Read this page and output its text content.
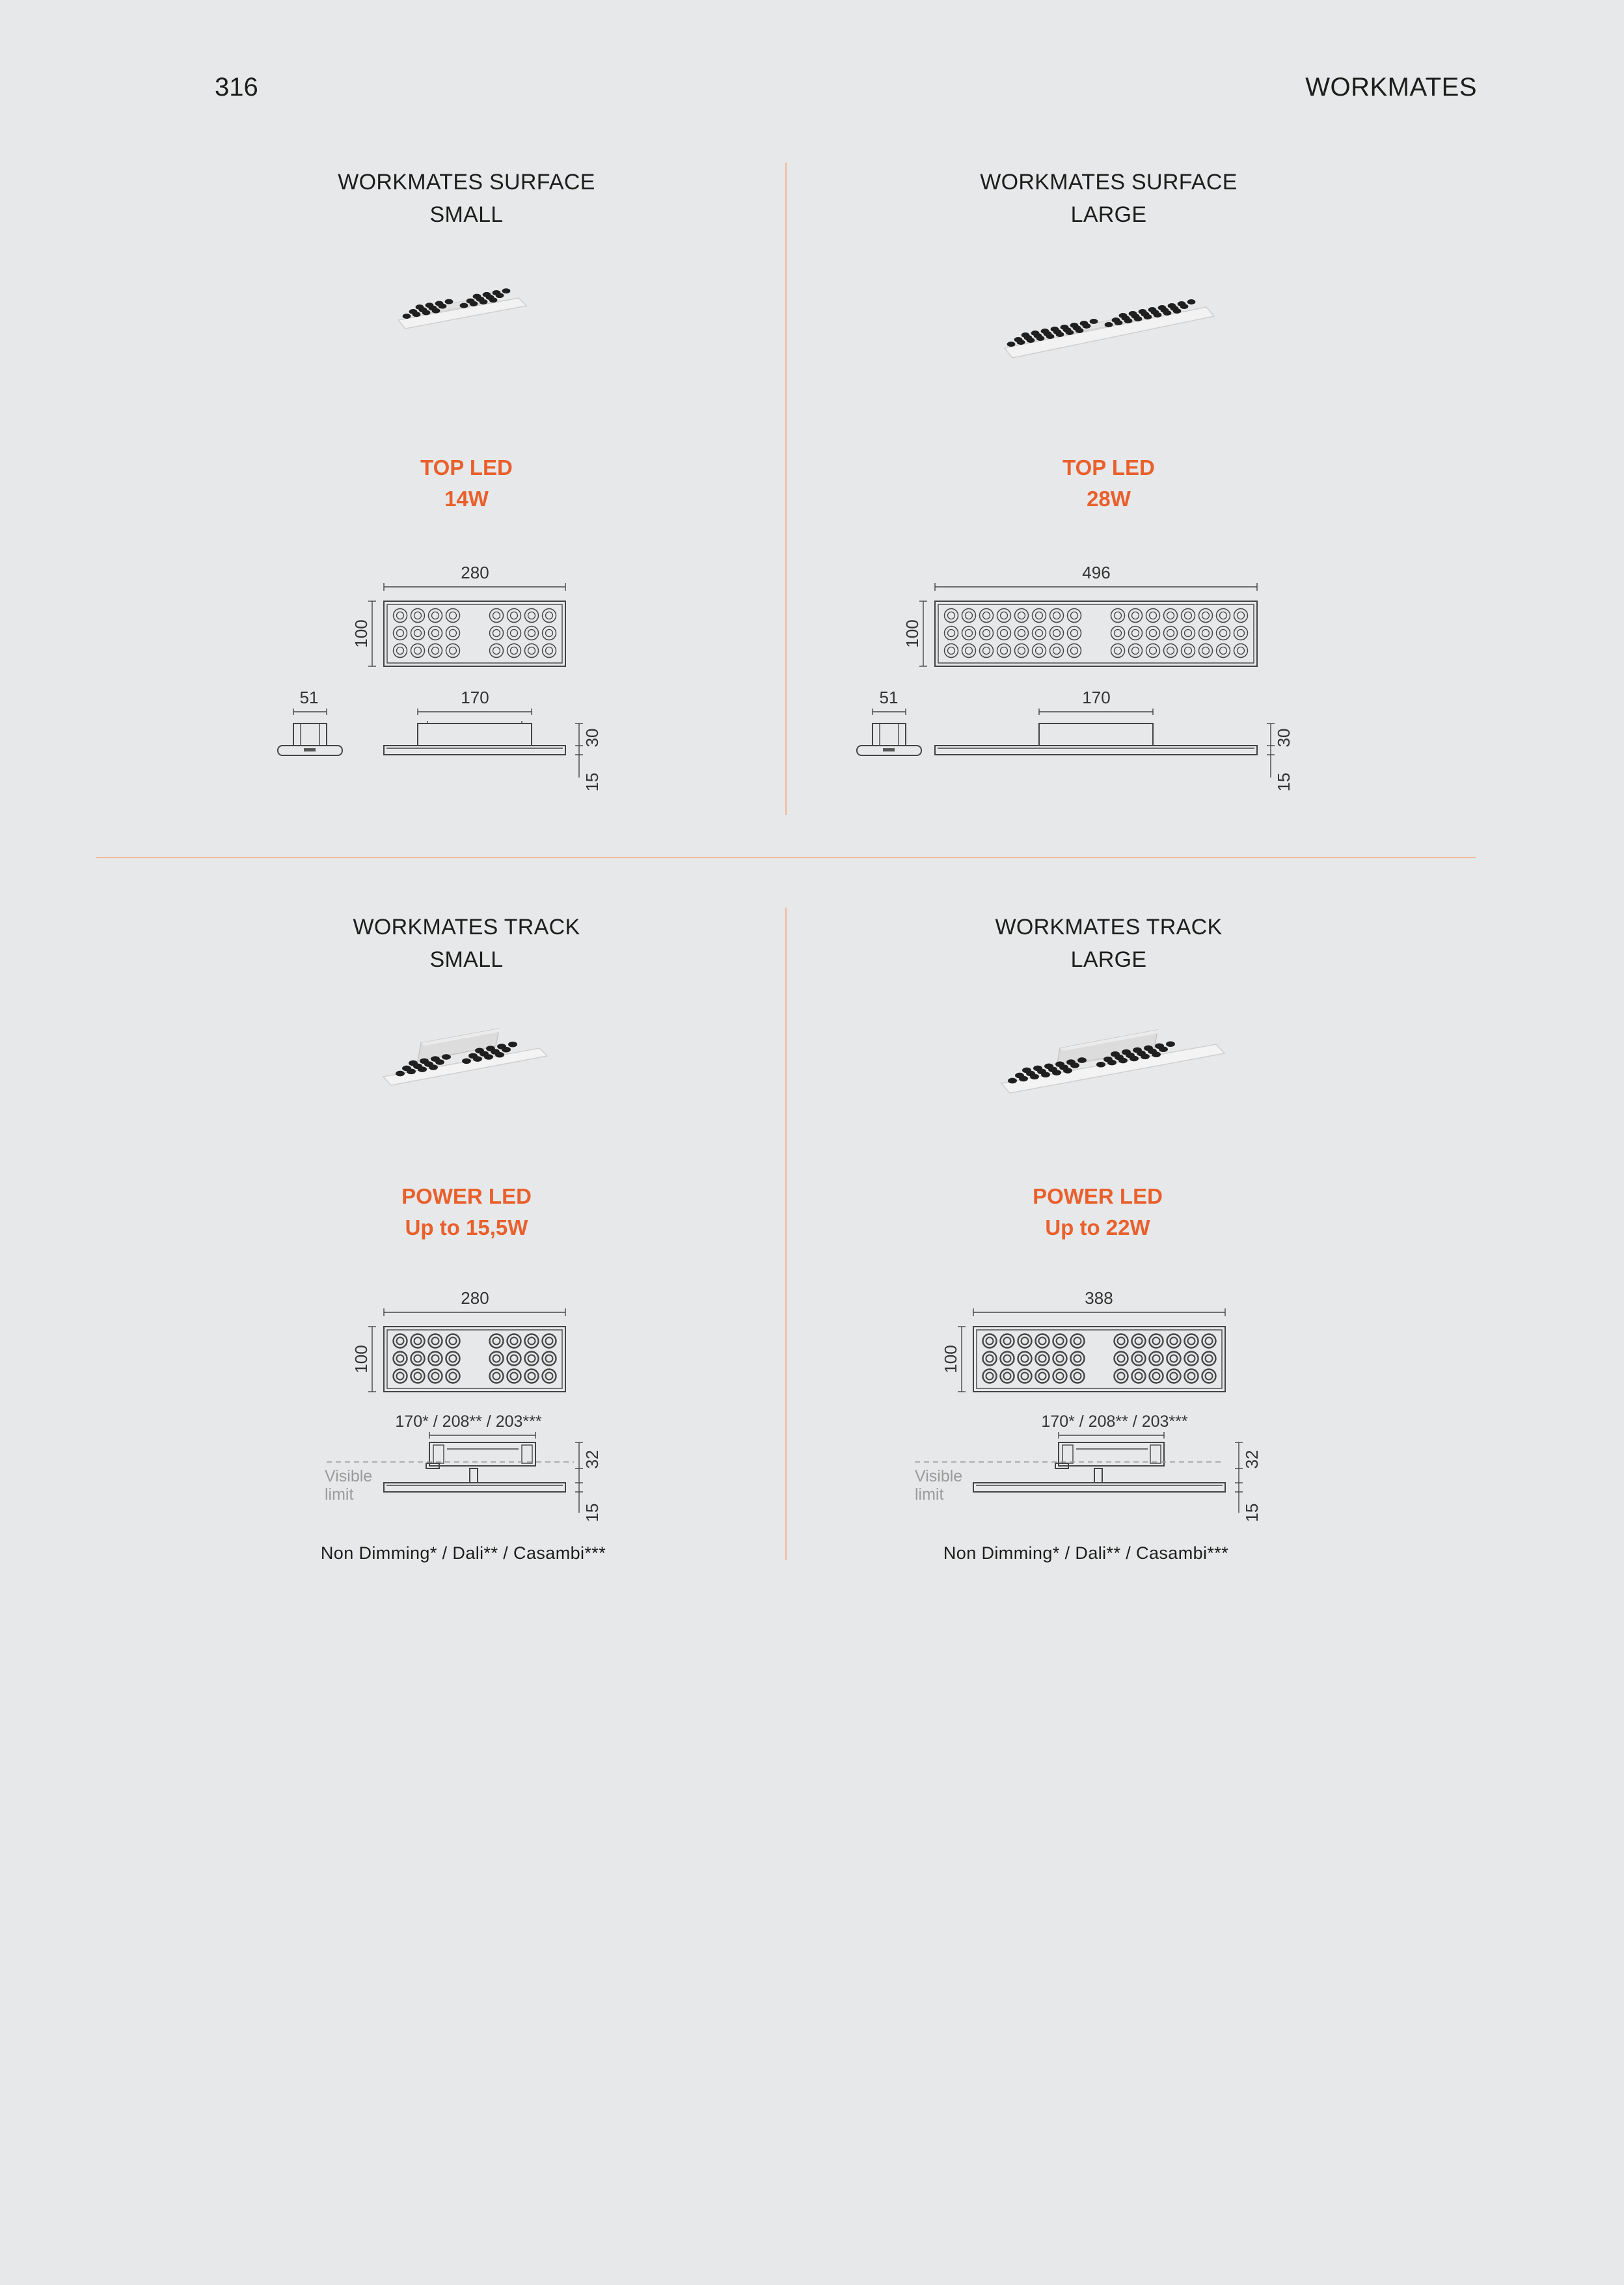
316	WORKMATES
WORKMATES SURFACE
SMALL
TOP LED
14W
280
100
51	170
30
15
WORKMATES SURFACE
LARGE
TOP LED
28W
496
100
51	170
30
15
WORKMATES TRACK
SMALL
POWER LED
Up to 15,5W
280
100
170* / 208** / 203***
Visible
limit
32
15
Non Dimming* / Dali** / Casambi***
WORKMATES TRACK
LARGE
POWER LED
Up to 22W
388
100
170* / 208** / 203***
Visible
limit
32
15
Non Dimming* / Dali** / Casambi***
